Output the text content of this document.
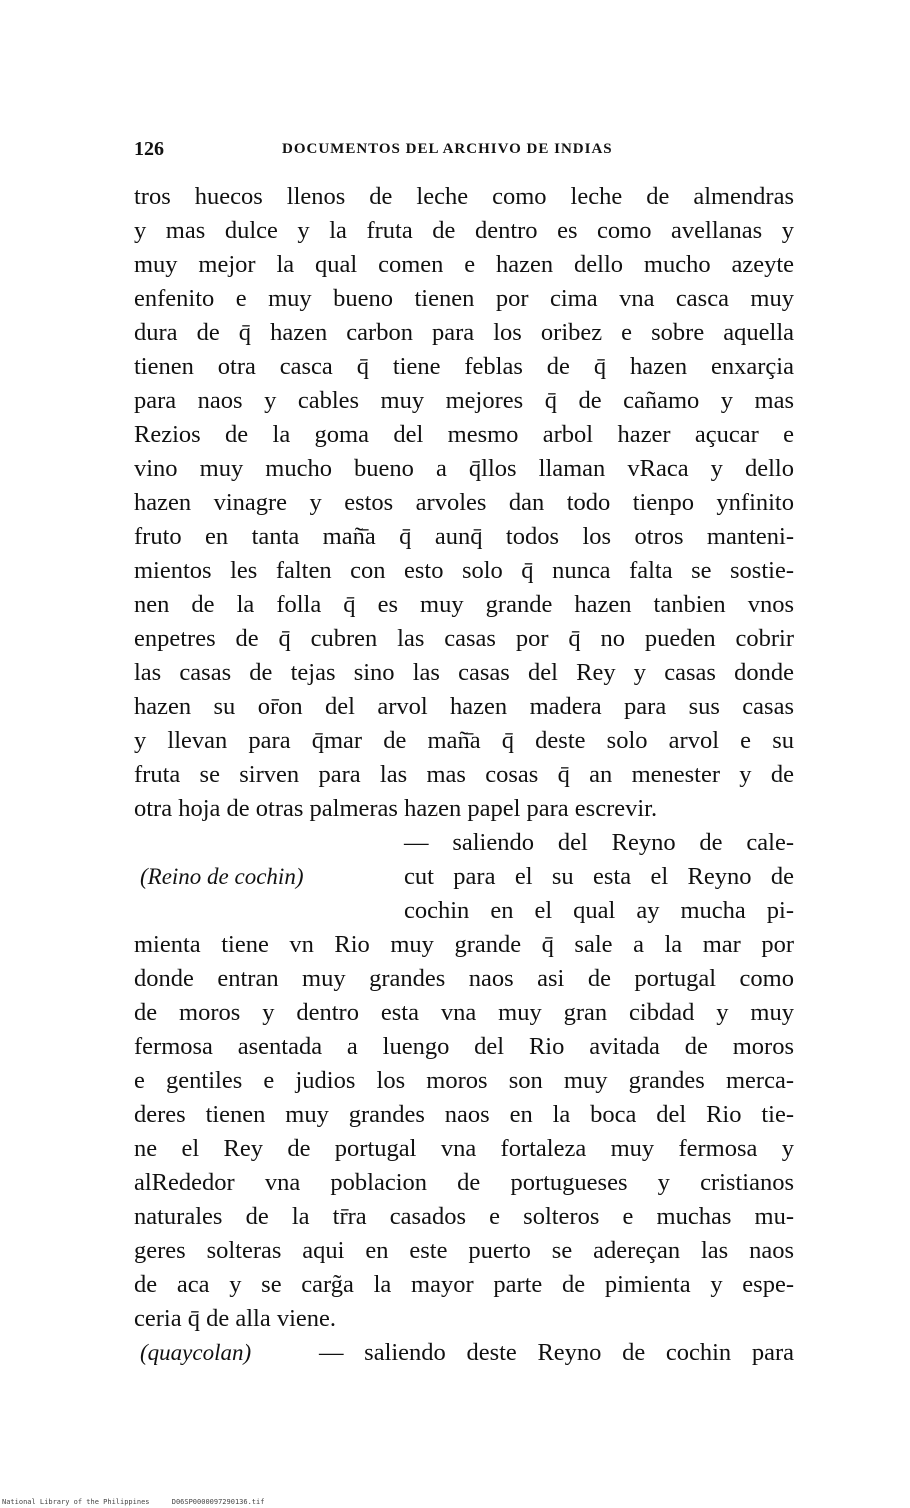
126	DOCUMENTOS DEL ARCHIVO DE INDIAS
tros huecos llenos de leche como leche de almendras
y mas dulce y la fruta de dentro es como avellanas y
muy mejor la qual comen e hazen dello mucho azeyte
enfenito e muy bueno tienen por cima vna casca muy
dura de q̄ hazen carbon para los oribez e sobre aquella
tienen otra casca q̄ tiene feblas de q̄ hazen enxarçia
para naos y cables muy mejores q̄ de cañamo y mas
Rezios de la goma del mesmo arbol hazer açucar e
vino muy mucho bueno a q̄llos llaman vRaca y dello
hazen vinagre y estos arvoles dan todo tienpo ynfinito
fruto en tanta mañ̄a q̄ aunq̄ todos los otros manteni-
mientos les falten con esto solo q̄ nunca falta se sostie-
nen de la folla q̄ es muy grande hazen tanbien vnos
enpetres de q̄ cubren las casas por q̄ no pueden cobrir
las casas de tejas sino las casas del Rey y casas donde
hazen su or̄on del arvol hazen madera para sus casas
y llevan para q̄mar de mañ̄a q̄ deste solo arvol e su
fruta se sirven para las mas cosas q̄ an menester y de
otra hoja de otras palmeras hazen papel para escrevir.
— saliendo del Reyno de cale-
(Reino de cochin)	cut para el su esta el Reyno de
cochin en el qual ay mucha pi-
mienta tiene vn Rio muy grande q̄ sale a la mar por
donde entran muy grandes naos asi de portugal como
de moros y dentro esta vna muy gran cibdad y muy
fermosa asentada a luengo del Rio avitada de moros
e gentiles e judios los moros son muy grandes merca-
deres tienen muy grandes naos en la boca del Rio tie-
ne el Rey de portugal vna fortaleza muy fermosa y
alRededor vna poblacion de portugueses y cristianos
naturales de la tr̄ra casados e solteros e muchas mu-
geres solteras aqui en este puerto se adereçan las naos
de aca y se carg̃a la mayor parte de pimienta y espe-
ceria q̄ de alla viene.
(quaycolan)	— saliendo deste Reyno de cochin para
National Library of the Philippines	D06SP0000097290136.tif
